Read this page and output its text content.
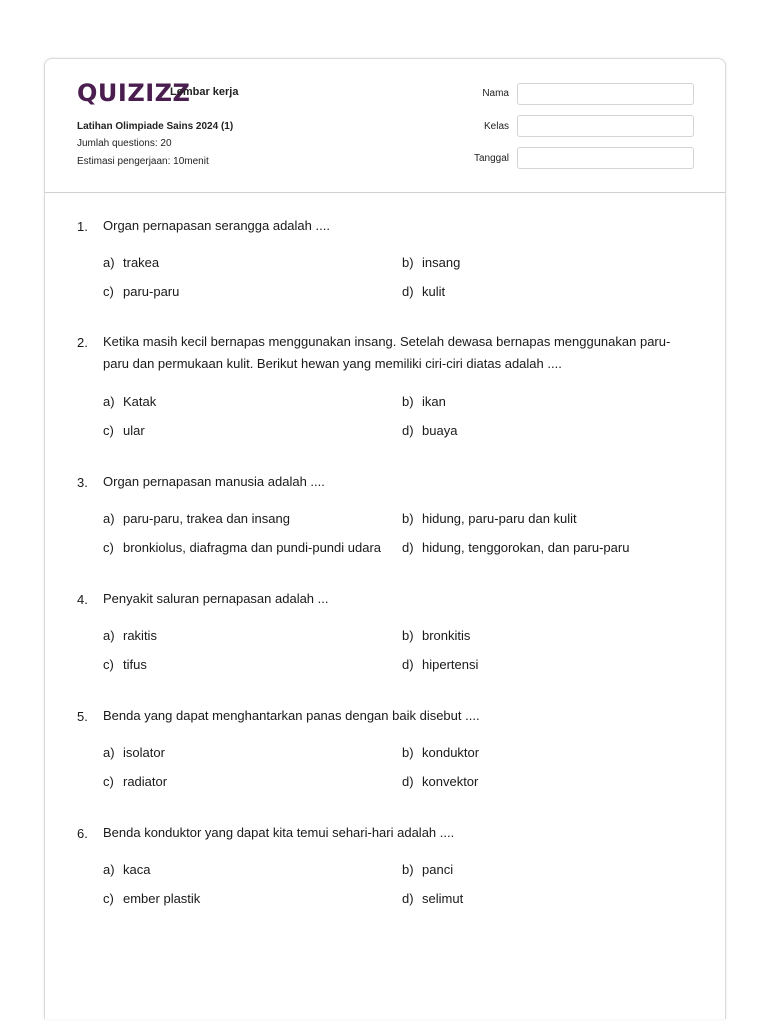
QUIZIZZ
Lembar kerja
Latihan Olimpiade Sains 2024 (1)
Jumlah questions: 20
Estimasi pengerjaan: 10menit
Nama
Kelas
Tanggal
1. Organ pernapasan serangga adalah ....
a) trakea	b) insang
c) paru-paru	d) kulit
2. Ketika masih kecil bernapas menggunakan insang. Setelah dewasa bernapas menggunakan paru-paru dan permukaan kulit. Berikut hewan yang memiliki ciri-ciri diatas adalah ....
a) Katak	b) ikan
c) ular	d) buaya
3. Organ pernapasan manusia adalah ....
a) paru-paru, trakea dan insang	b) hidung, paru-paru dan kulit
c) bronkiolus, diafragma dan pundi-pundi udara d) hidung, tenggorokan, dan paru-paru
4. Penyakit saluran pernapasan adalah ...
a) rakitis	b) bronkitis
c) tifus	d) hipertensi
5. Benda yang dapat menghantarkan panas dengan baik disebut ....
a) isolator	b) konduktor
c) radiator	d) konvektor
6. Benda konduktor yang dapat kita temui sehari-hari adalah ....
a) kaca	b) panci
c) ember plastik	d) selimut
